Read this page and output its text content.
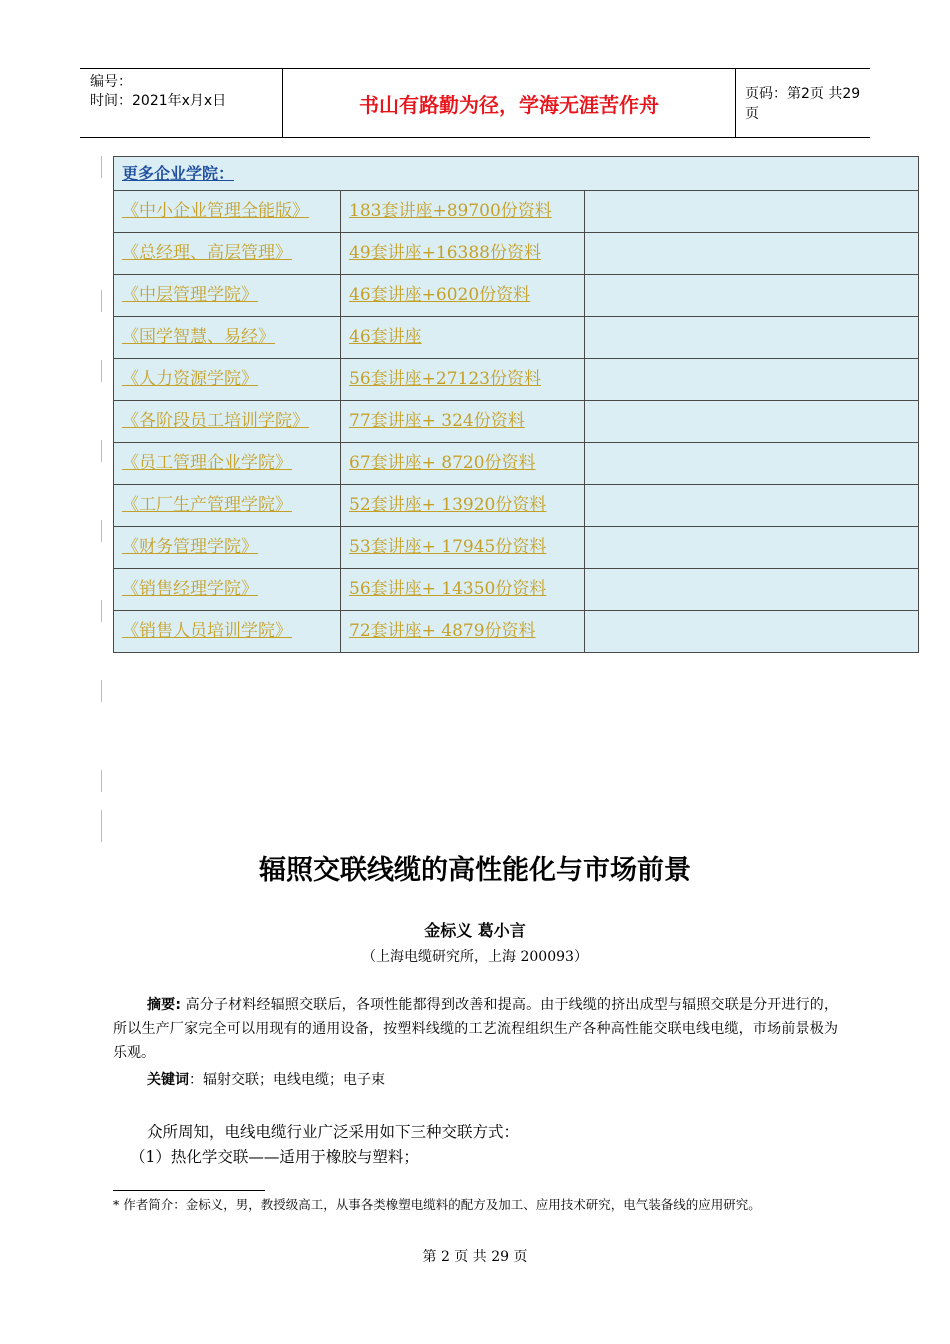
编号：
时间：2021年x月x日	书山有路勤为径，学海无涯苦作舟	页码：第2页 共29页
更多企业学院：		
《中小企业管理全能版》	183套讲座+89700份资料	
《总经理、高层管理》	49套讲座+16388份资料	
《中层管理学院》	46套讲座+6020份资料	
《国学智慧、易经》	46套讲座	
《人力资源学院》	56套讲座+27123份资料	
《各阶段员工培训学院》	77套讲座+ 324份资料	
《员工管理企业学院》	67套讲座+ 8720份资料	
《工厂生产管理学院》	52套讲座+ 13920份资料	
《财务管理学院》	53套讲座+ 17945份资料	
《销售经理学院》	56套讲座+ 14350份资料	
《销售人员培训学院》	72套讲座+ 4879份资料	
辐照交联线缆的高性能化与市场前景
金标义 葛小言
（上海电缆研究所，上海 200093）
摘要: 高分子材料经辐照交联后，各项性能都得到改善和提高。由于线缆的挤出成型与辐照交联是分开进行的，所以生产厂家完全可以用现有的通用设备，按塑料线缆的工艺流程组织生产各种高性能交联电线电缆，市场前景极为乐观。
关键词：辐射交联；电线电缆；电子束
众所周知，电线电缆行业广泛采用如下三种交联方式：
（1）热化学交联——适用于橡胶与塑料；
* 作者简介：金标义，男，教授级高工，从事各类橡塑电缆料的配方及加工、应用技术研究，电气装备线的应用研究。
第 2 页 共 29 页
